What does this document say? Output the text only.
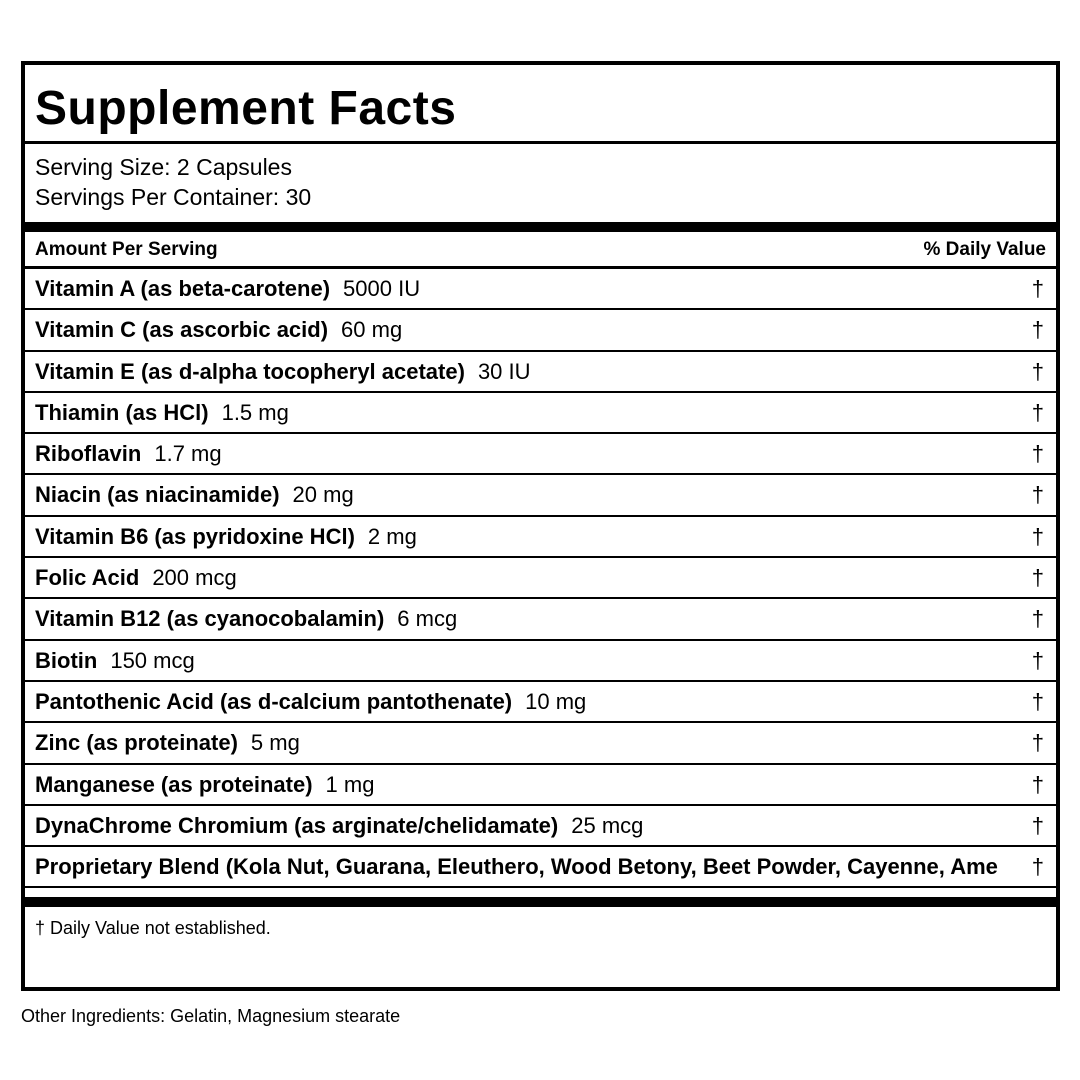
Supplement Facts
Serving Size: 2 Capsules
Servings Per Container: 30
Amount Per Serving	% Daily Value
Vitamin A (as beta-carotene) 5000 IU	†
Vitamin C (as ascorbic acid) 60 mg	†
Vitamin E (as d-alpha tocopheryl acetate) 30 IU	†
Thiamin (as HCl) 1.5 mg	†
Riboflavin 1.7 mg	†
Niacin (as niacinamide) 20 mg	†
Vitamin B6 (as pyridoxine HCl) 2 mg	†
Folic Acid 200 mcg	†
Vitamin B12 (as cyanocobalamin) 6 mcg	†
Biotin 150 mcg	†
Pantothenic Acid (as d-calcium pantothenate) 10 mg	†
Zinc (as proteinate) 5 mg	†
Manganese (as proteinate) 1 mg	†
DynaChrome Chromium (as arginate/chelidamate) 25 mcg	†
Proprietary Blend (Kola Nut, Guarana, Eleuthero, Wood Betony, Beet Powder, Cayenne, Ame †
† Daily Value not established.
Other Ingredients: Gelatin, Magnesium stearate
